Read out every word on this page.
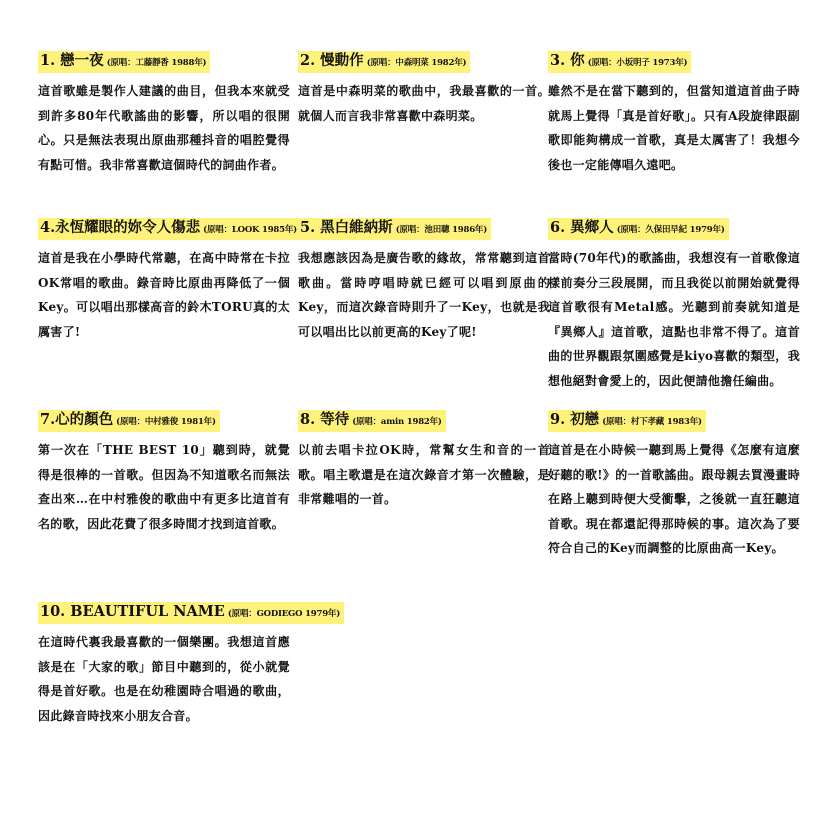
1. 戀一夜 (原唱：工藤靜香 1988年)
這首歌雖是製作人建議的曲目，但我本來就受到許多80年代歌謠曲的影響，所以唱的很開心。只是無法表現出原曲那種抖音的唱腔覺得有點可惜。我非常喜歡這個時代的詞曲作者。
2. 慢動作 (原唱：中森明菜 1982年)
這首是中森明菜的歌曲中，我最喜歡的一首。就個人而言我非常喜歡中森明菜。
3. 你 (原唱：小坂明子 1973年)
雖然不是在當下聽到的，但當知道這首曲子時就馬上覺得「真是首好歌」。只有A段旋律跟副歌即能夠構成一首歌，真是太厲害了！我想今後也一定能傳唱久遠吧。
4.永恆耀眼的妳令人傷悲 (原唱：LOOK 1985年)
這首是我在小學時代常聽，在高中時常在卡拉OK常唱的歌曲。錄音時比原曲再降低了一個Key。可以唱出那樣高音的鈴木TORU真的太厲害了!
5. 黑白維納斯 (原唱：池田聰 1986年)
我想應該因為是廣告歌的緣故，常常聽到這首歌曲。當時哼唱時就已經可以唱到原曲的Key，而這次錄音時則升了一Key，也就是我可以唱出比以前更高的Key了呢!
6. 異鄉人 (原唱：久保田早紀 1979年)
當時(70年代)的歌謠曲，我想沒有一首歌像這樣前奏分三段展開，而且我從以前開始就覺得這首歌很有Metal感。光聽到前奏就知道是『異鄉人』這首歌，這點也非常不得了。這首曲的世界觀跟氛圍感覺是kiyo喜歡的類型，我想他絕對會愛上的，因此便請他擔任編曲。
7.心的顏色 (原唱：中村雅俊 1981年)
第一次在「THE BEST 10」聽到時，就覺得是很棒的一首歌。但因為不知道歌名而無法查出來…在中村雅俊的歌曲中有更多比這首有名的歌，因此花費了很多時間才找到這首歌。
8. 等待 (原唱：amin 1982年)
以前去唱卡拉OK時，常幫女生和音的一首歌。唱主歌還是在這次錄音才第一次體驗，是非常難唱的一首。
9. 初戀 (原唱：村下孝藏 1983年)
這首是在小時候一聽到馬上覺得《怎麼有這麼好聽的歌!》的一首歌謠曲。跟母親去買漫畫時在路上聽到時便大受衝擊，之後就一直狂聽這首歌。現在都還記得那時候的事。這次為了要符合自己的Key而調整的比原曲高一Key。
10. BEAUTIFUL NAME (原唱：GODIEGO 1979年)
在這時代裏我最喜歡的一個樂團。我想這首應該是在「大家的歌」節目中聽到的，從小就覺得是首好歌。也是在幼稚園時合唱過的歌曲，因此錄音時找來小朋友合音。
